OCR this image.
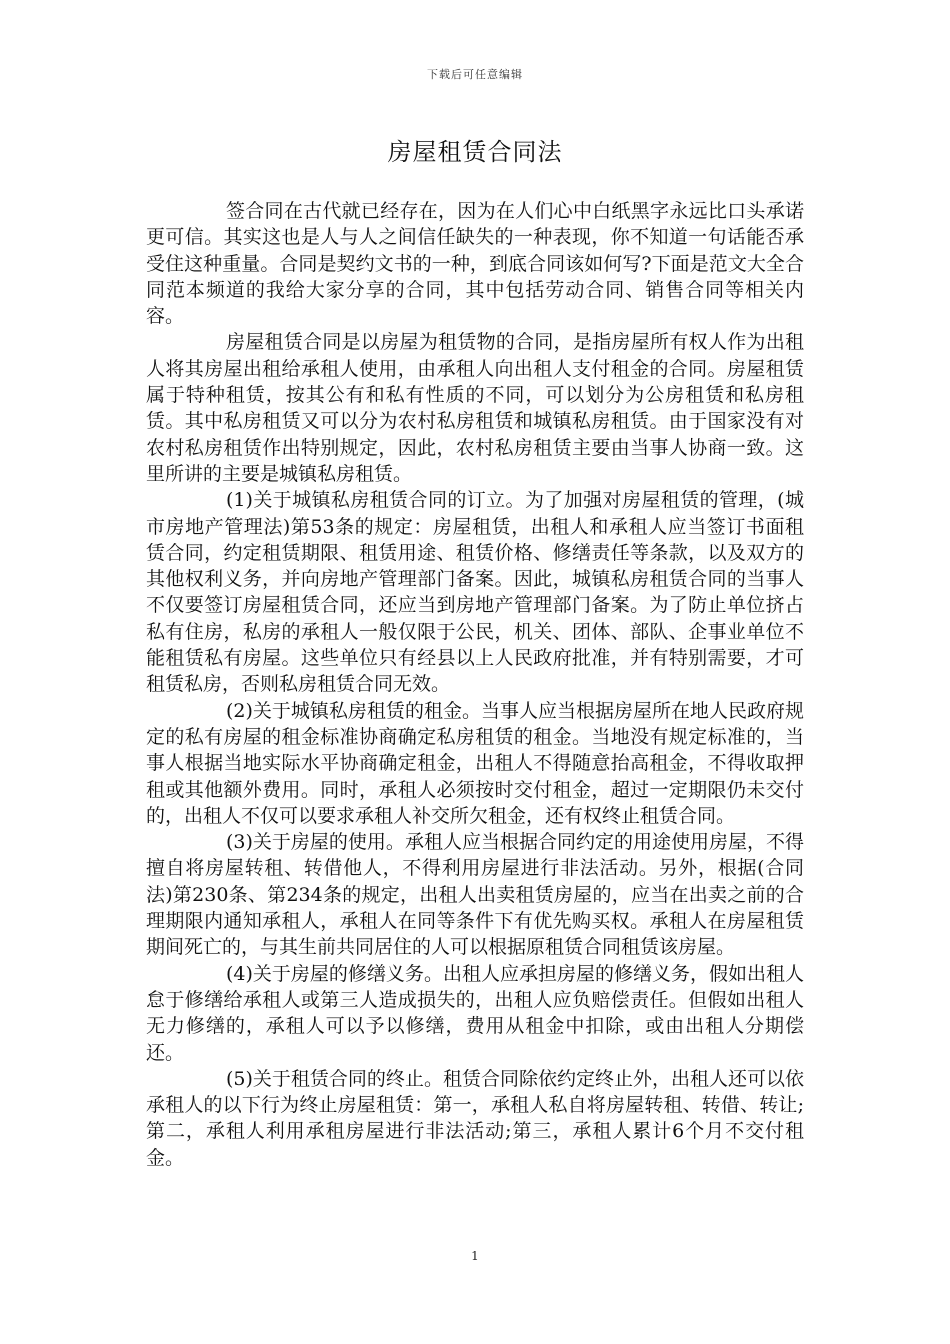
下载后可任意编辑
房屋租赁合同法

签合同在古代就已经存在，因为在人们心中白纸黑字永远比口头承诺更可信。其实这也是人与人之间信任缺失的一种表现，你不知道一句话能否承受住这种重量。合同是契约文书的一种，到底合同该如何写?下面是范文大全合同范本频道的我给大家分享的合同，其中包括劳动合同、销售合同等相关内容。

房屋租赁合同是以房屋为租赁物的合同，是指房屋所有权人作为出租人将其房屋出租给承租人使用，由承租人向出租人支付租金的合同。房屋租赁属于特种租赁，按其公有和私有性质的不同，可以划分为公房租赁和私房租赁。其中私房租赁又可以分为农村私房租赁和城镇私房租赁。由于国家没有对农村私房租赁作出特别规定，因此，农村私房租赁主要由当事人协商一致。这里所讲的主要是城镇私房租赁。

(1)关于城镇私房租赁合同的订立。为了加强对房屋租赁的管理，(城市房地产管理法)第53条的规定：房屋租赁，出租人和承租人应当签订书面租赁合同，约定租赁期限、租赁用途、租赁价格、修缮责任等条款，以及双方的其他权利义务，并向房地产管理部门备案。因此，城镇私房租赁合同的当事人不仅要签订房屋租赁合同，还应当到房地产管理部门备案。为了防止单位挤占私有住房，私房的承租人一般仅限于公民，机关、团体、部队、企事业单位不能租赁私有房屋。这些单位只有经县以上人民政府批准，并有特别需要，才可租赁私房，否则私房租赁合同无效。

(2)关于城镇私房租赁的租金。当事人应当根据房屋所在地人民政府规定的私有房屋的租金标准协商确定私房租赁的租金。当地没有规定标准的，当事人根据当地实际水平协商确定租金，出租人不得随意抬高租金，不得收取押租或其他额外费用。同时，承租人必须按时交付租金，超过一定期限仍未交付的，出租人不仅可以要求承租人补交所欠租金，还有权终止租赁合同。

(3)关于房屋的使用。承租人应当根据合同约定的用途使用房屋，不得擅自将房屋转租、转借他人，不得利用房屋进行非法活动。另外，根据(合同法)第230条、第234条的规定，出租人出卖租赁房屋的，应当在出卖之前的合理期限内通知承租人，承租人在同等条件下有优先购买权。承租人在房屋租赁期间死亡的，与其生前共同居住的人可以根据原租赁合同租赁该房屋。

(4)关于房屋的修缮义务。出租人应承担房屋的修缮义务，假如出租人怠于修缮给承租人或第三人造成损失的，出租人应负赔偿责任。但假如出租人无力修缮的，承租人可以予以修缮，费用从租金中扣除，或由出租人分期偿还。

(5)关于租赁合同的终止。租赁合同除依约定终止外，出租人还可以依承租人的以下行为终止房屋租赁：第一，承租人私自将房屋转租、转借、转让;第二，承租人利用承租房屋进行非法活动;第三，承租人累计6个月不交付租金。

1
